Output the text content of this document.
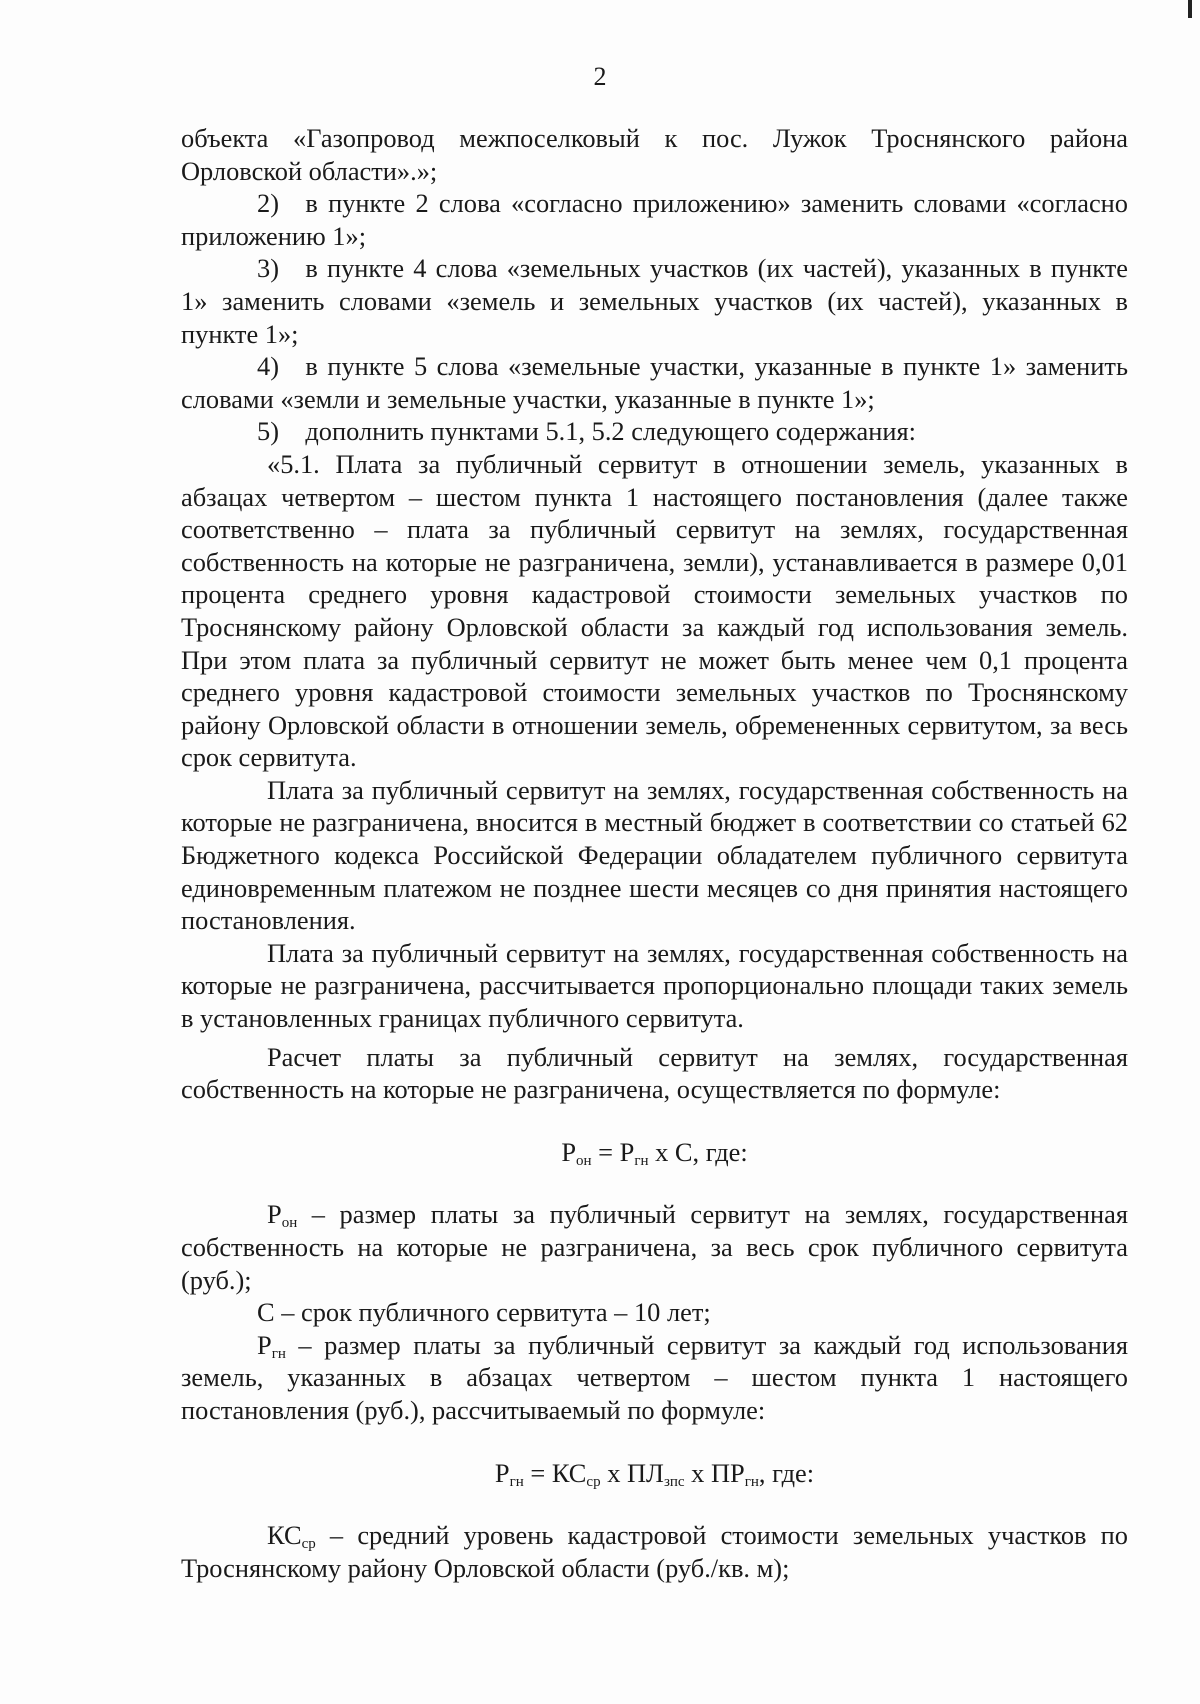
2

объекта «Газопровод межпоселковый к пос. Лужок Троснянского района Орловской области».»;

2) в пункте 2 слова «согласно приложению» заменить словами «согласно приложению 1»;

3) в пункте 4 слова «земельных участков (их частей), указанных в пункте 1» заменить словами «земель и земельных участков (их частей), указанных в пункте 1»;

4) в пункте 5 слова «земельные участки, указанные в пункте 1» заменить словами «земли и земельные участки, указанные в пункте 1»;

5) дополнить пунктами 5.1, 5.2 следующего содержания:

«5.1. Плата за публичный сервитут в отношении земель, указанных в абзацах четвертом – шестом пункта 1 настоящего постановления (далее также соответственно – плата за публичный сервитут на землях, государственная собственность на которые не разграничена, земли), устанавливается в размере 0,01 процента среднего уровня кадастровой стоимости земельных участков по Троснянскому району Орловской области за каждый год использования земель. При этом плата за публичный сервитут не может быть менее чем 0,1 процента среднего уровня кадастровой стоимости земельных участков по Троснянскому району Орловской области в отношении земель, обремененных сервитутом, за весь срок сервитута.

Плата за публичный сервитут на землях, государственная собственность на которые не разграничена, вносится в местный бюджет в соответствии со статьей 62 Бюджетного кодекса Российской Федерации обладателем публичного сервитута единовременным платежом не позднее шести месяцев со дня принятия настоящего постановления.

Плата за публичный сервитут на землях, государственная собственность на которые не разграничена, рассчитывается пропорционально площади таких земель в установленных границах публичного сервитута.

Расчет платы за публичный сервитут на землях, государственная собственность на которые не разграничена, осуществляется по формуле:

$Р_{он} = Р_{гн}$ х С, где:

$Р_{он}$ – размер платы за публичный сервитут на землях, государственная собственность на которые не разграничена, за весь срок публичного сервитута (руб.);

С – срок публичного сервитута – 10 лет;

$Р_{гн}$ – размер платы за публичный сервитут за каждый год использования земель, указанных в абзацах четвертом – шестом пункта 1 настоящего постановления (руб.), рассчитываемый по формуле:

$Р_{гн} = КС_{ср}$ х $ПЛ_{зпс}$ х $ПР_{гн}$, где:

$КС_{ср}$ – средний уровень кадастровой стоимости земельных участков по Троснянскому району Орловской области (руб./кв. м);
